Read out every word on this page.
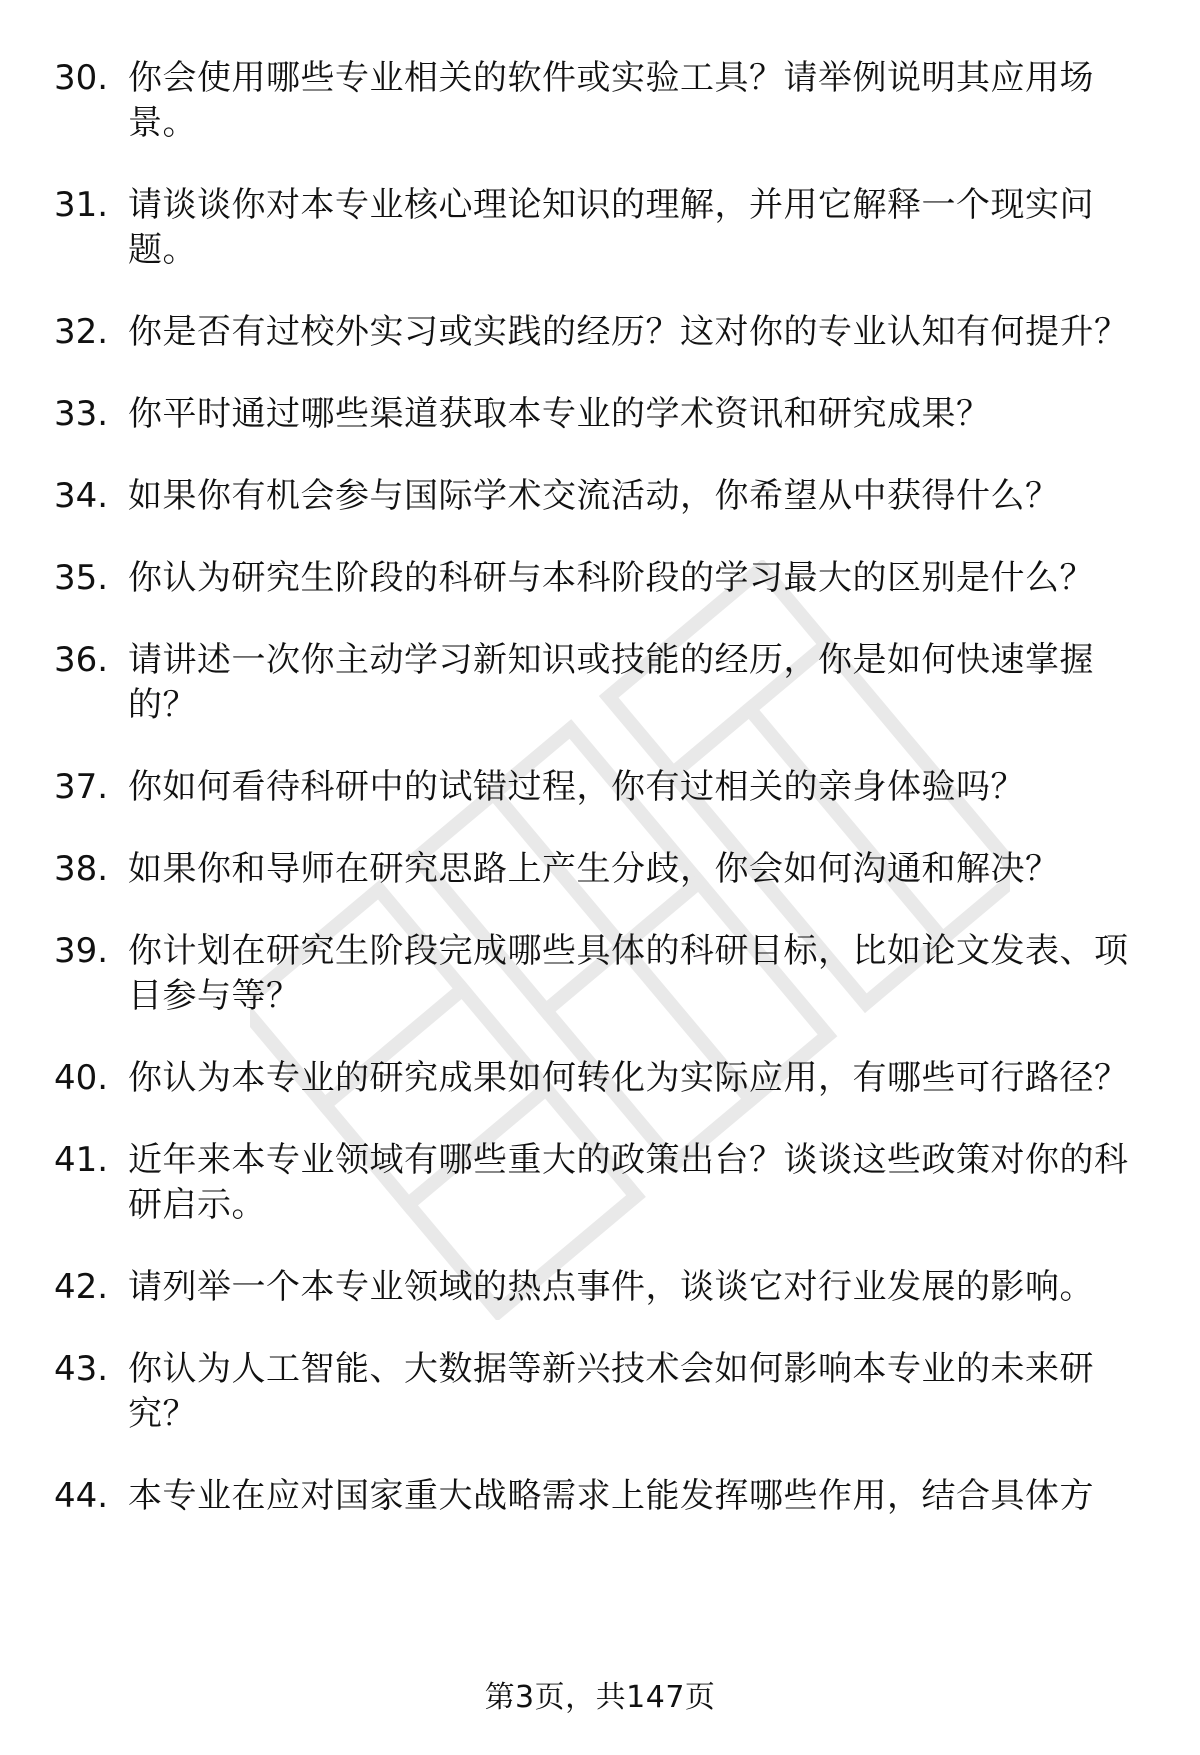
30. 你会使用哪些专业相关的软件或实验工具？请举例说明其应用场景。
31. 请谈谈你对本专业核心理论知识的理解，并用它解释一个现实问题。
32. 你是否有过校外实习或实践的经历？这对你的专业认知有何提升？
33. 你平时通过哪些渠道获取本专业的学术资讯和研究成果？
34. 如果你有机会参与国际学术交流活动，你希望从中获得什么？
35. 你认为研究生阶段的科研与本科阶段的学习最大的区别是什么？
36. 请讲述一次你主动学习新知识或技能的经历，你是如何快速掌握的？
37. 你如何看待科研中的试错过程，你有过相关的亲身体验吗？
38. 如果你和导师在研究思路上产生分歧，你会如何沟通和解决？
39. 你计划在研究生阶段完成哪些具体的科研目标，比如论文发表、项目参与等？
40. 你认为本专业的研究成果如何转化为实际应用，有哪些可行路径？
41. 近年来本专业领域有哪些重大的政策出台？谈谈这些政策对你的科研启示。
42. 请列举一个本专业领域的热点事件，谈谈它对行业发展的影响。
43. 你认为人工智能、大数据等新兴技术会如何影响本专业的未来研究？
44. 本专业在应对国家重大战略需求上能发挥哪些作用，结合具体方
第3页，共147页
